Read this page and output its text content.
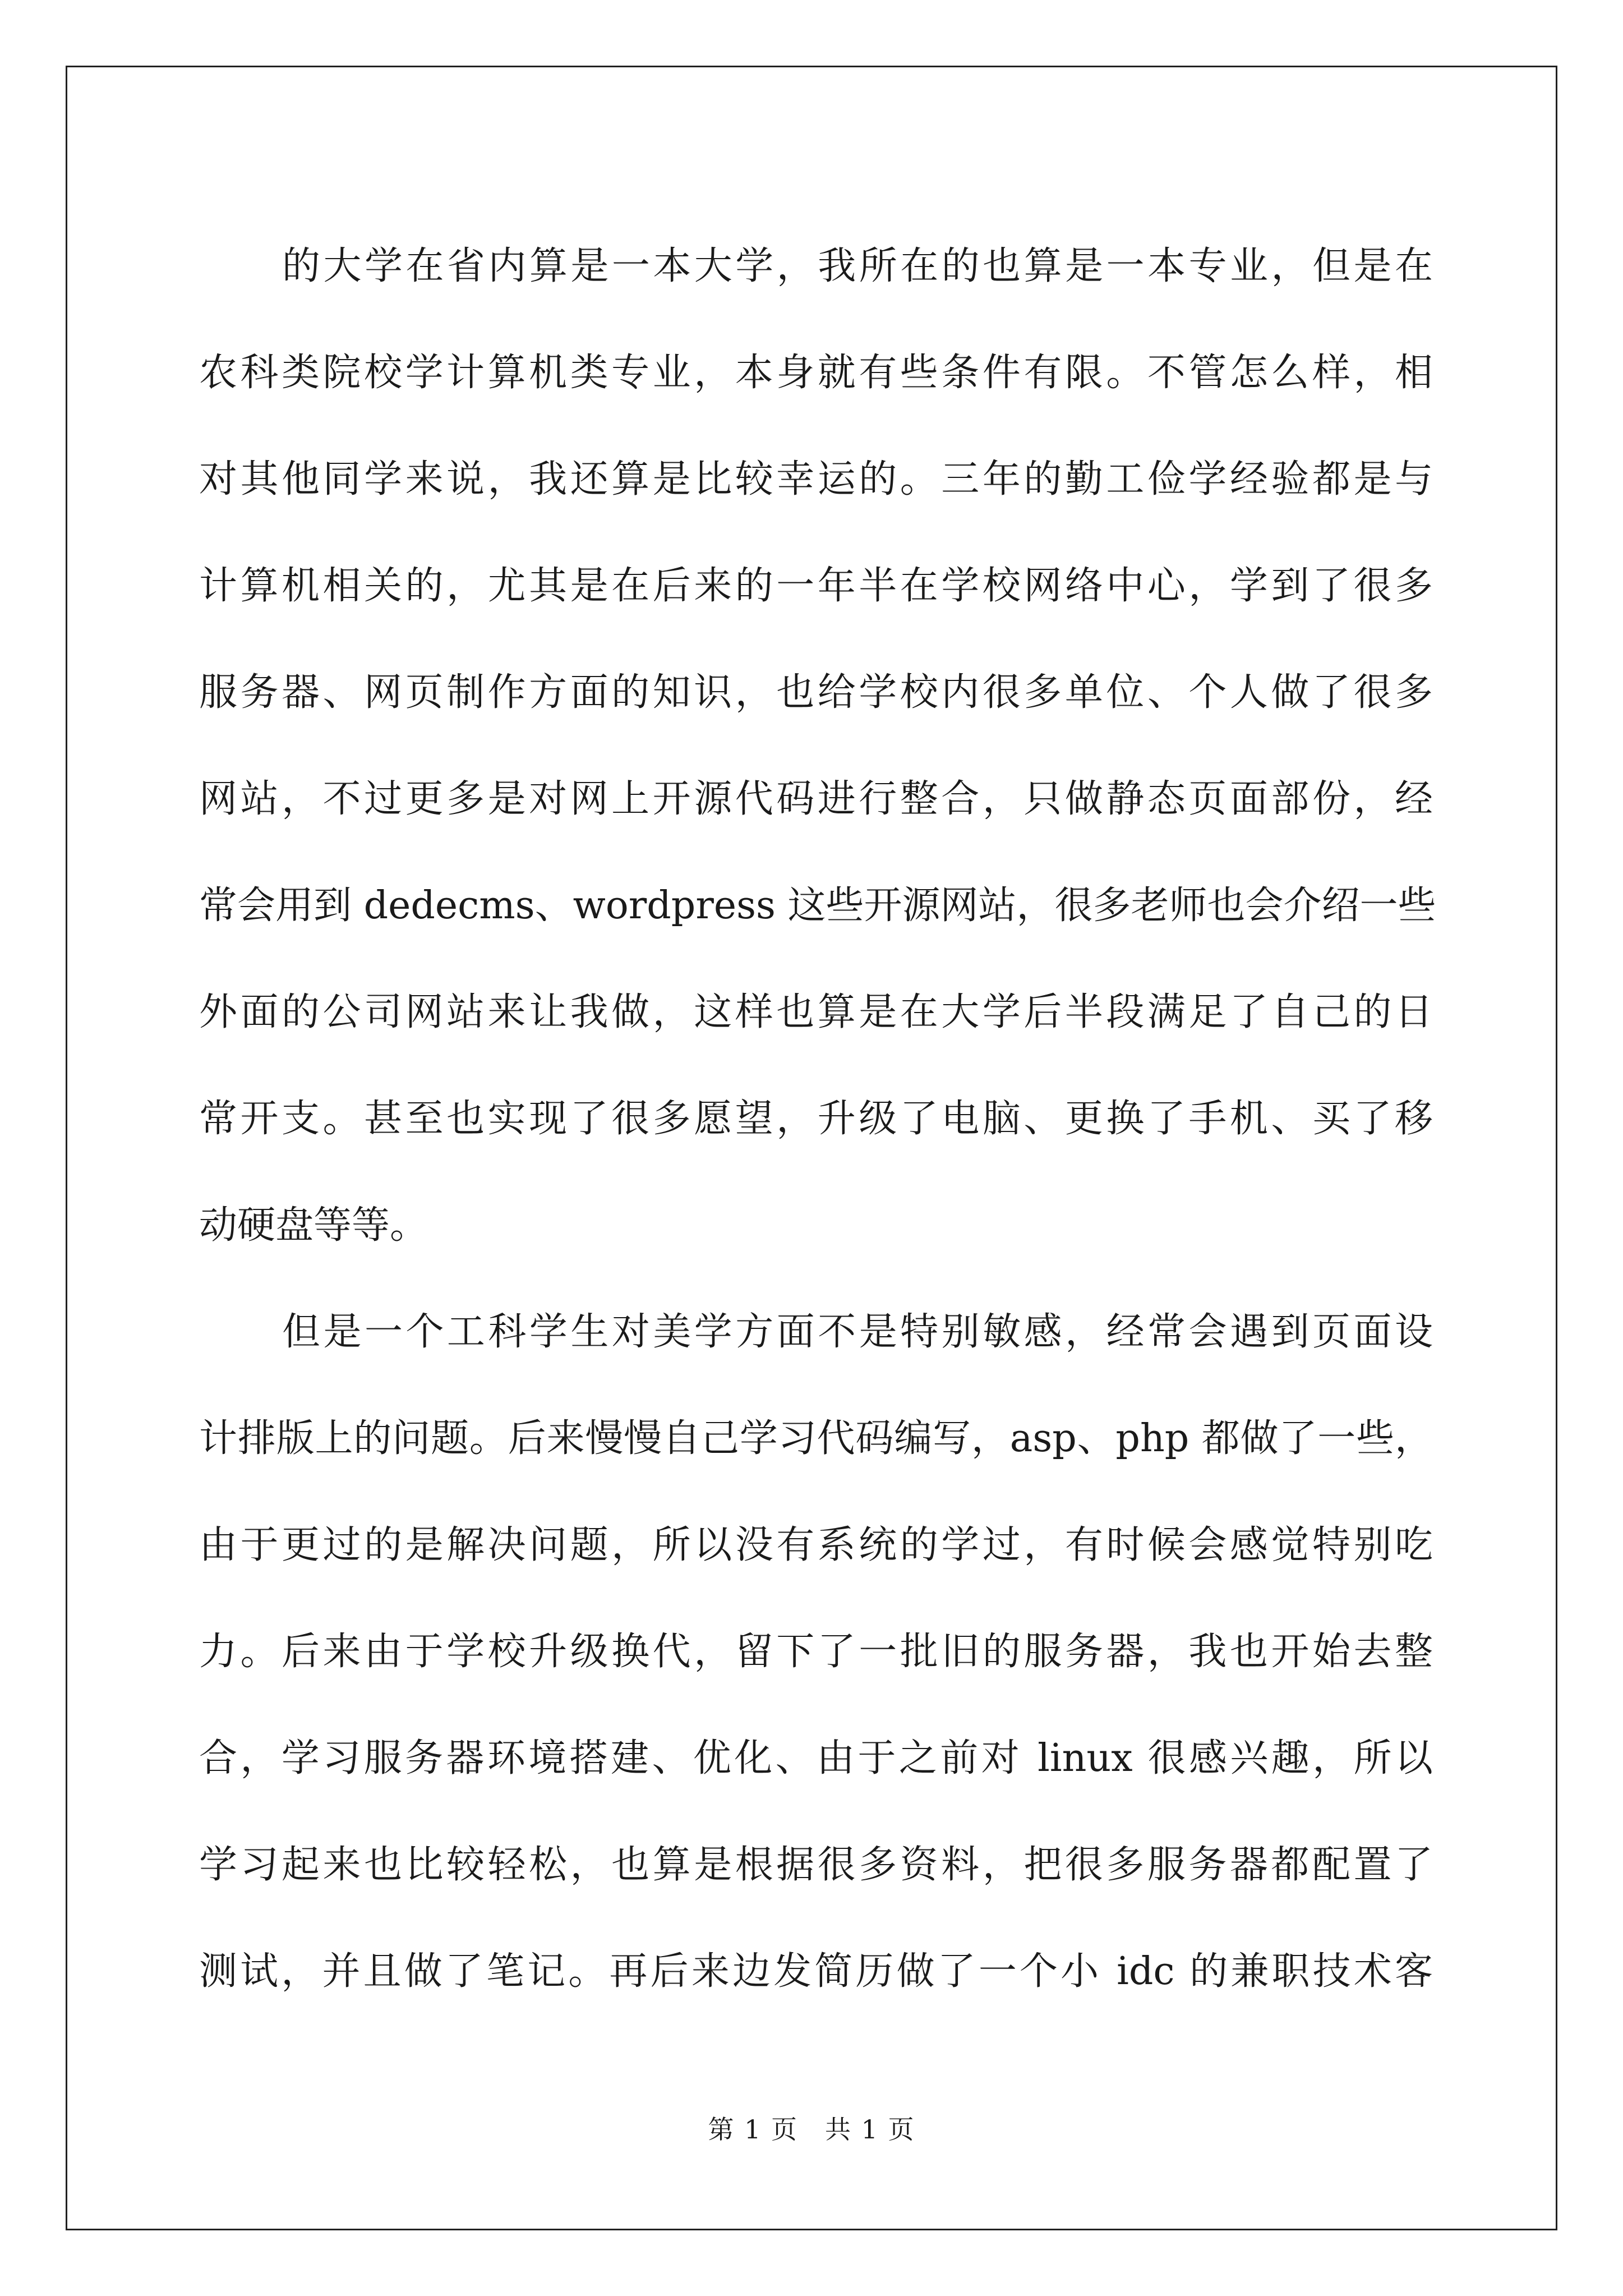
的大学在省内算是一本大学，我所在的也算是一本专业，但是在
农科类院校学计算机类专业，本身就有些条件有限。不管怎么样，相
对其他同学来说，我还算是比较幸运的。三年的勤工俭学经验都是与
计算机相关的，尤其是在后来的一年半在学校网络中心，学到了很多
服务器、网页制作方面的知识，也给学校内很多单位、个人做了很多
网站，不过更多是对网上开源代码进行整合，只做静态页面部份，经
常会用到 dedecms、wordpress 这些开源网站，很多老师也会介绍一些
外面的公司网站来让我做，这样也算是在大学后半段满足了自己的日
常开支。甚至也实现了很多愿望，升级了电脑、更换了手机、买了移
动硬盘等等。
但是一个工科学生对美学方面不是特别敏感，经常会遇到页面设
计排版上的问题。后来慢慢自己学习代码编写，asp、php 都做了一些，
由于更过的是解决问题，所以没有系统的学过，有时候会感觉特别吃
力。后来由于学校升级换代，留下了一批旧的服务器，我也开始去整
合，学习服务器环境搭建、优化、由于之前对 linux 很感兴趣，所以
学习起来也比较轻松，也算是根据很多资料，把很多服务器都配置了
测试，并且做了笔记。再后来边发简历做了一个小 idc 的兼职技术客
第 1 页　共 1 页
